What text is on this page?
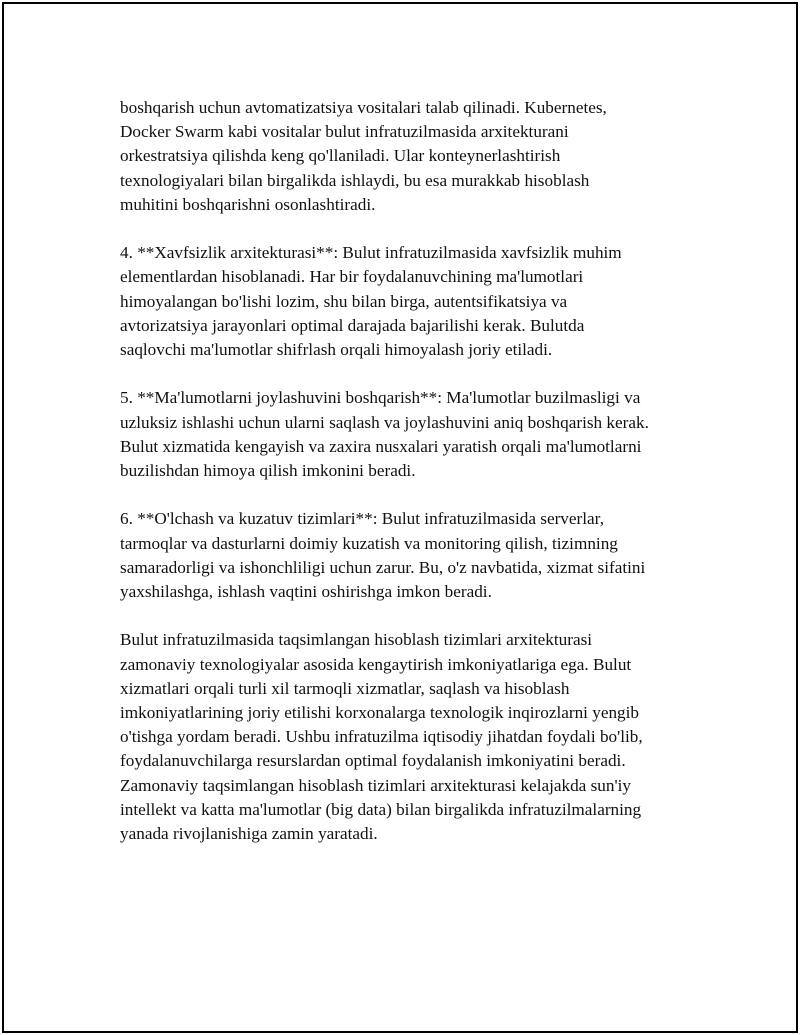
boshqarish uchun avtomatizatsiya vositalari talab qilinadi. Kubernetes,
Docker Swarm kabi vositalar bulut infratuzilmasida arxitekturani
orkestratsiya qilishda keng qo'llaniladi. Ular konteynerlashtirish
texnologiyalari bilan birgalikda ishlaydi, bu esa murakkab hisoblash
muhitini boshqarishni osonlashtiradi.

4. **Xavfsizlik arxitekturasi**: Bulut infratuzilmasida xavfsizlik muhim
elementlardan hisoblanadi. Har bir foydalanuvchining ma'lumotlari
himoyalangan bo'lishi lozim, shu bilan birga, autentsifikatsiya va
avtorizatsiya jarayonlari optimal darajada bajarilishi kerak. Bulutda
saqlovchi ma'lumotlar shifrlash orqali himoyalash joriy etiladi.

5. **Ma'lumotlarni joylashuvini boshqarish**: Ma'lumotlar buzilmasligi va
uzluksiz ishlashi uchun ularni saqlash va joylashuvini aniq boshqarish kerak.
Bulut xizmatida kengayish va zaxira nusxalari yaratish orqali ma'lumotlarni
buzilishdan himoya qilish imkonini beradi.

6. **O'lchash va kuzatuv tizimlari**: Bulut infratuzilmasida serverlar,
tarmoqlar va dasturlarni doimiy kuzatish va monitoring qilish, tizimning
samaradorligi va ishonchliligi uchun zarur. Bu, o'z navbatida, xizmat sifatini
yaxshilashga, ishlash vaqtini oshirishga imkon beradi.

Bulut infratuzilmasida taqsimlangan hisoblash tizimlari arxitekturasi
zamonaviy texnologiyalar asosida kengaytirish imkoniyatlariga ega. Bulut
xizmatlari orqali turli xil tarmoqli xizmatlar, saqlash va hisoblash
imkoniyatlarining joriy etilishi korxonalarga texnologik inqirozlarni yengib
o'tishga yordam beradi. Ushbu infratuzilma iqtisodiy jihatdan foydali bo'lib,
foydalanuvchilarga resurslardan optimal foydalanish imkoniyatini beradi.
Zamonaviy taqsimlangan hisoblash tizimlari arxitekturasi kelajakda sun'iy
intellekt va katta ma'lumotlar (big data) bilan birgalikda infratuzilmalarning
yanada rivojlanishiga zamin yaratadi.
